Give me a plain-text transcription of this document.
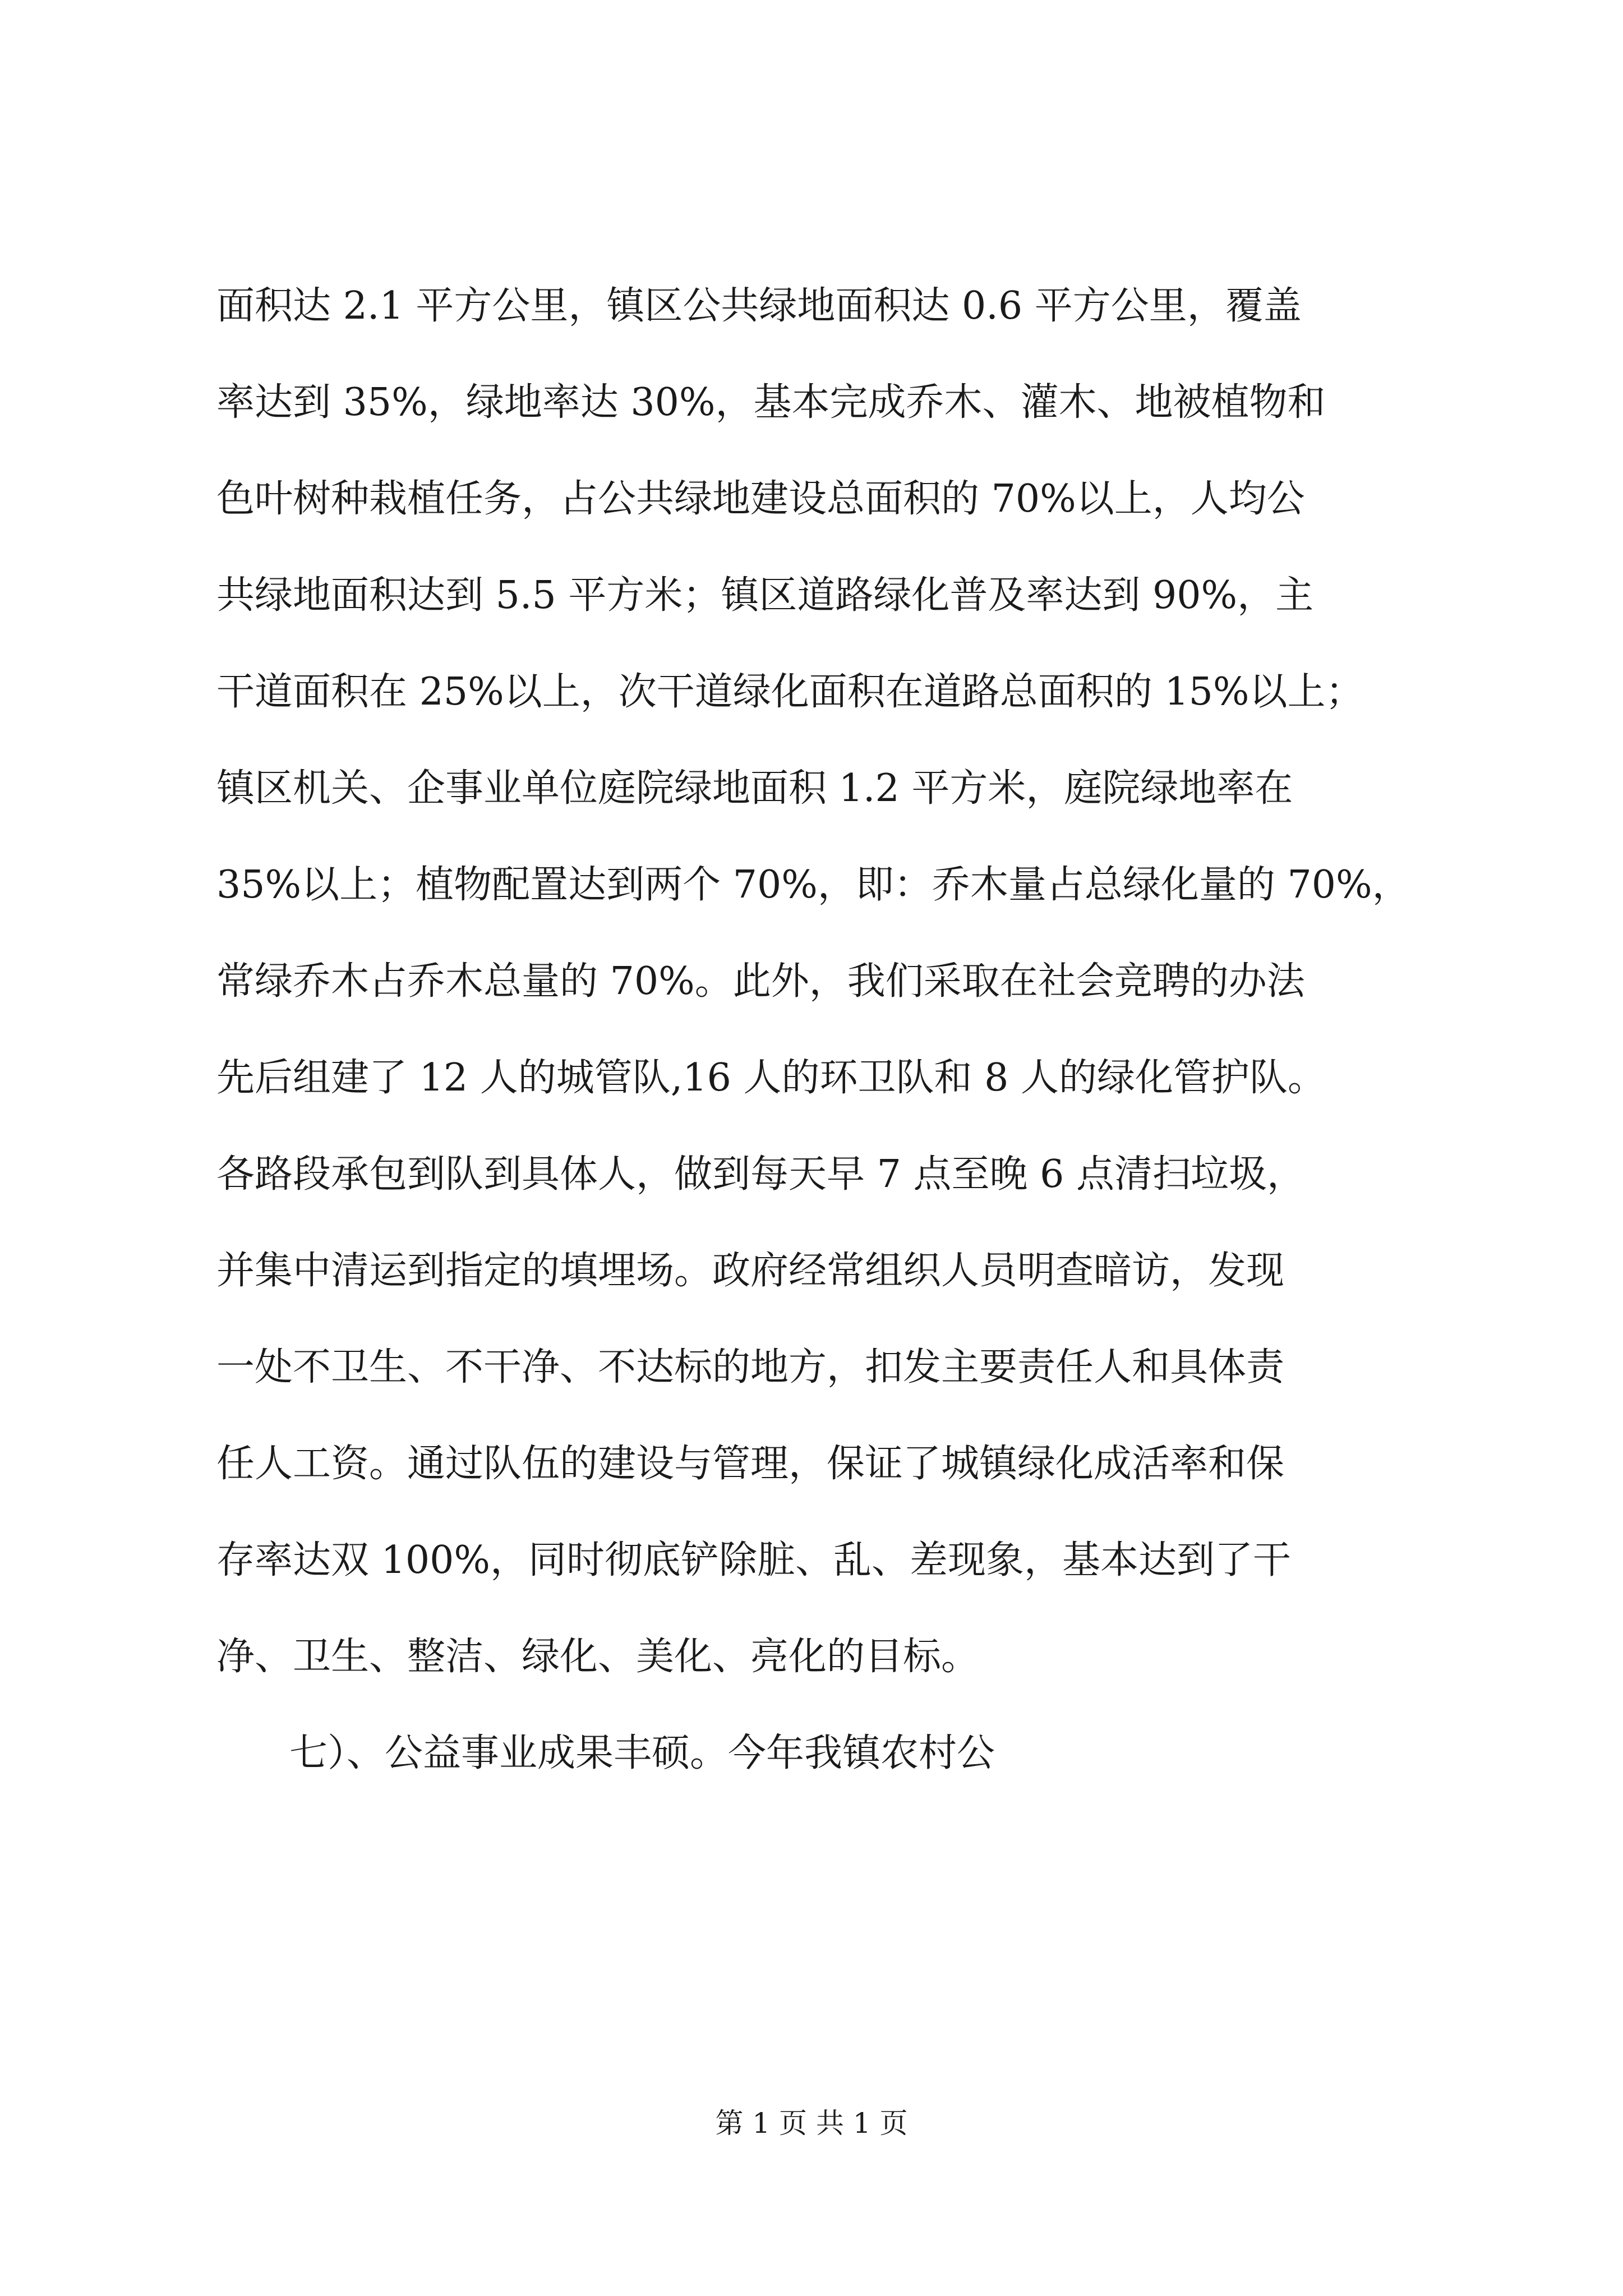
面积达 2.1 平方公里，镇区公共绿地面积达 0.6 平方公里，覆盖
率达到 35%，绿地率达 30%，基本完成乔木、灌木、地被植物和
色叶树种栽植任务，占公共绿地建设总面积的 70%以上，人均公
共绿地面积达到 5.5 平方米；镇区道路绿化普及率达到 90%，主
干道面积在 25%以上，次干道绿化面积在道路总面积的 15%以上；
镇区机关、企事业单位庭院绿地面积 1.2 平方米，庭院绿地率在
35%以上；植物配置达到两个 70%，即：乔木量占总绿化量的 70%，
常绿乔木占乔木总量的 70%。此外，我们采取在社会竞聘的办法
先后组建了 12 人的城管队,16 人的环卫队和 8 人的绿化管护队。
各路段承包到队到具体人，做到每天早 7 点至晚 6 点清扫垃圾，
并集中清运到指定的填埋场。政府经常组织人员明查暗访，发现
一处不卫生、不干净、不达标的地方，扣发主要责任人和具体责
任人工资。通过队伍的建设与管理，保证了城镇绿化成活率和保
存率达双 100%，同时彻底铲除脏、乱、差现象，基本达到了干
净、卫生、整洁、绿化、美化、亮化的目标。
七）、公益事业成果丰硕。今年我镇农村公
第 1 页 共 1 页
